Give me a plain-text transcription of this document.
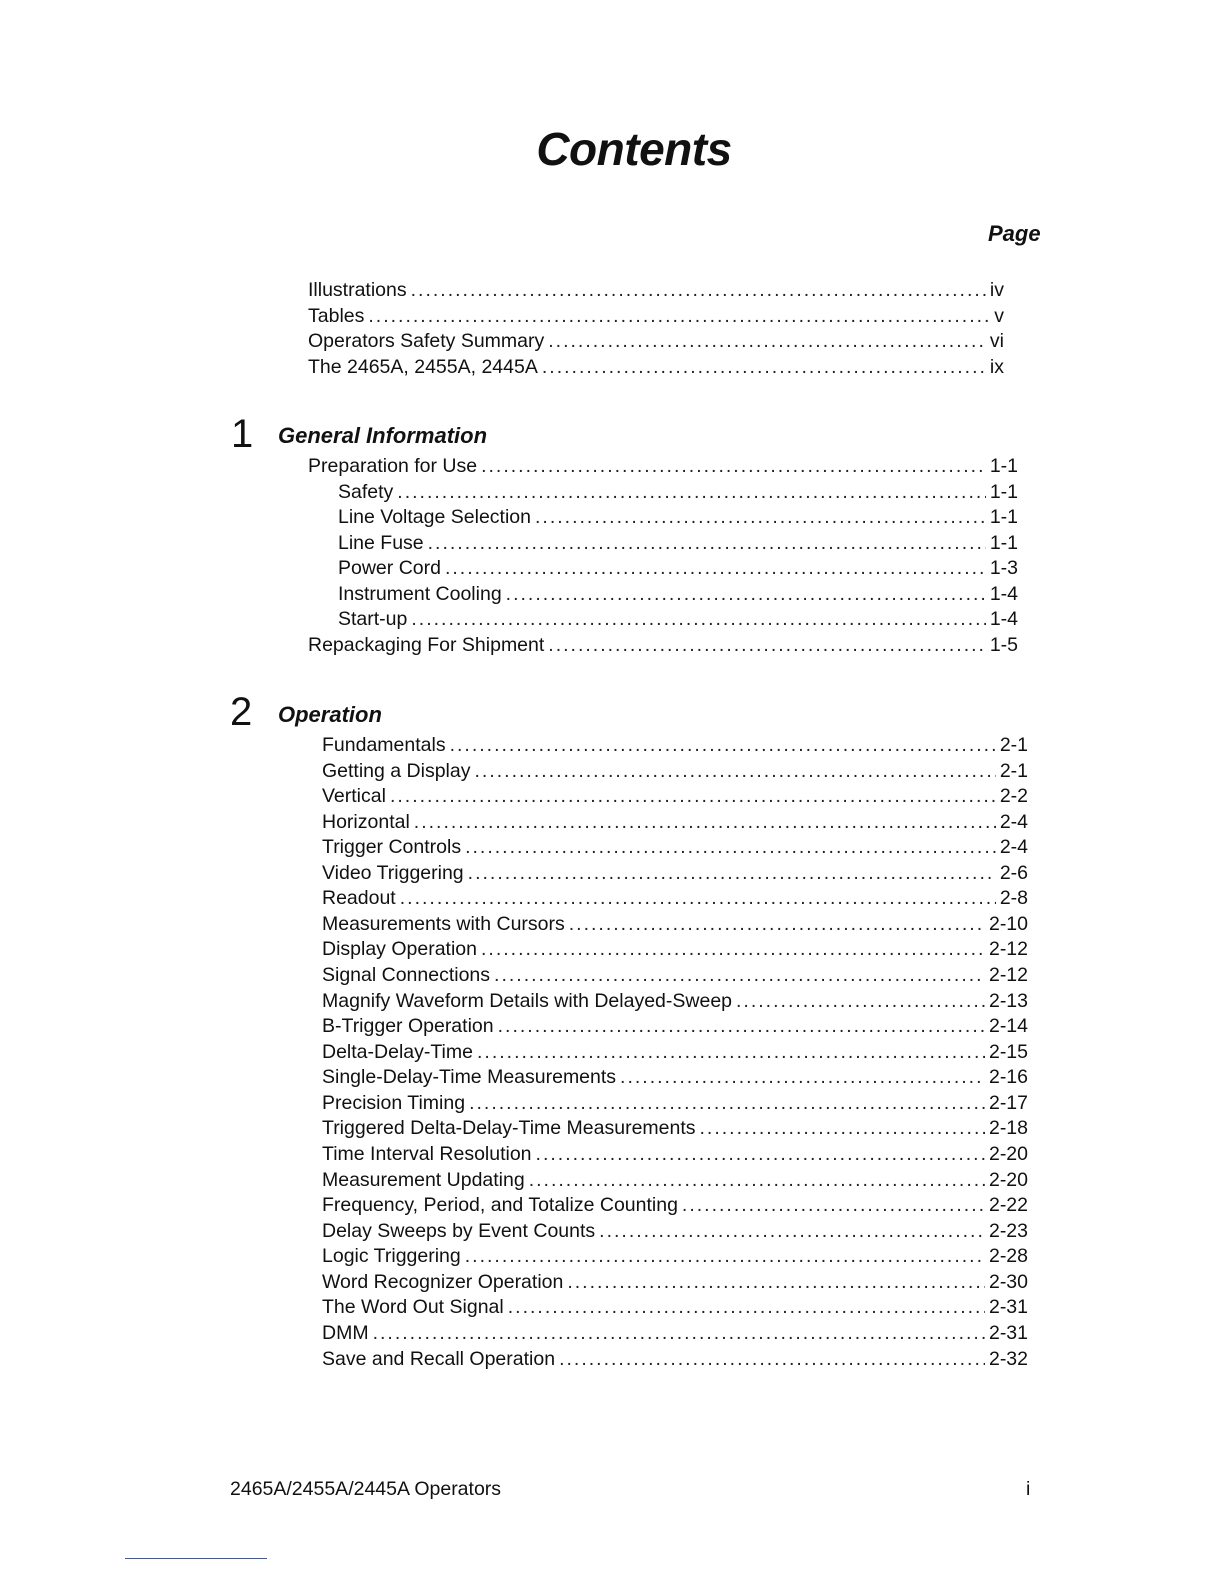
Contents
Page
Illustrations .....	iv
Tables .....	v
Operators Safety Summary .....	vi
The 2465A, 2455A, 2445A .....	ix
1 General Information
Preparation for Use .....	1-1
Safety .....	1-1
Line Voltage Selection .....	1-1
Line Fuse .....	1-1
Power Cord .....	1-3
Instrument Cooling .....	1-4
Start-up .....	1-4
Repackaging For Shipment .....	1-5
2 Operation
Fundamentals .....	2-1
Getting a Display .....	2-1
Vertical .....	2-2
Horizontal .....	2-4
Trigger Controls .....	2-4
Video Triggering .....	2-6
Readout .....	2-8
Measurements with Cursors .....	2-10
Display Operation .....	2-12
Signal Connections .....	2-12
Magnify Waveform Details with Delayed-Sweep .....	2-13
B-Trigger Operation .....	2-14
Delta-Delay-Time .....	2-15
Single-Delay-Time Measurements .....	2-16
Precision Timing .....	2-17
Triggered Delta-Delay-Time Measurements .....	2-18
Time Interval Resolution .....	2-20
Measurement Updating .....	2-20
Frequency, Period, and Totalize Counting .....	2-22
Delay Sweeps by Event Counts .....	2-23
Logic Triggering .....	2-28
Word Recognizer Operation .....	2-30
The Word Out Signal .....	2-31
DMM .....	2-31
Save and Recall Operation .....	2-32
2465A/2455A/2445A Operators	i
